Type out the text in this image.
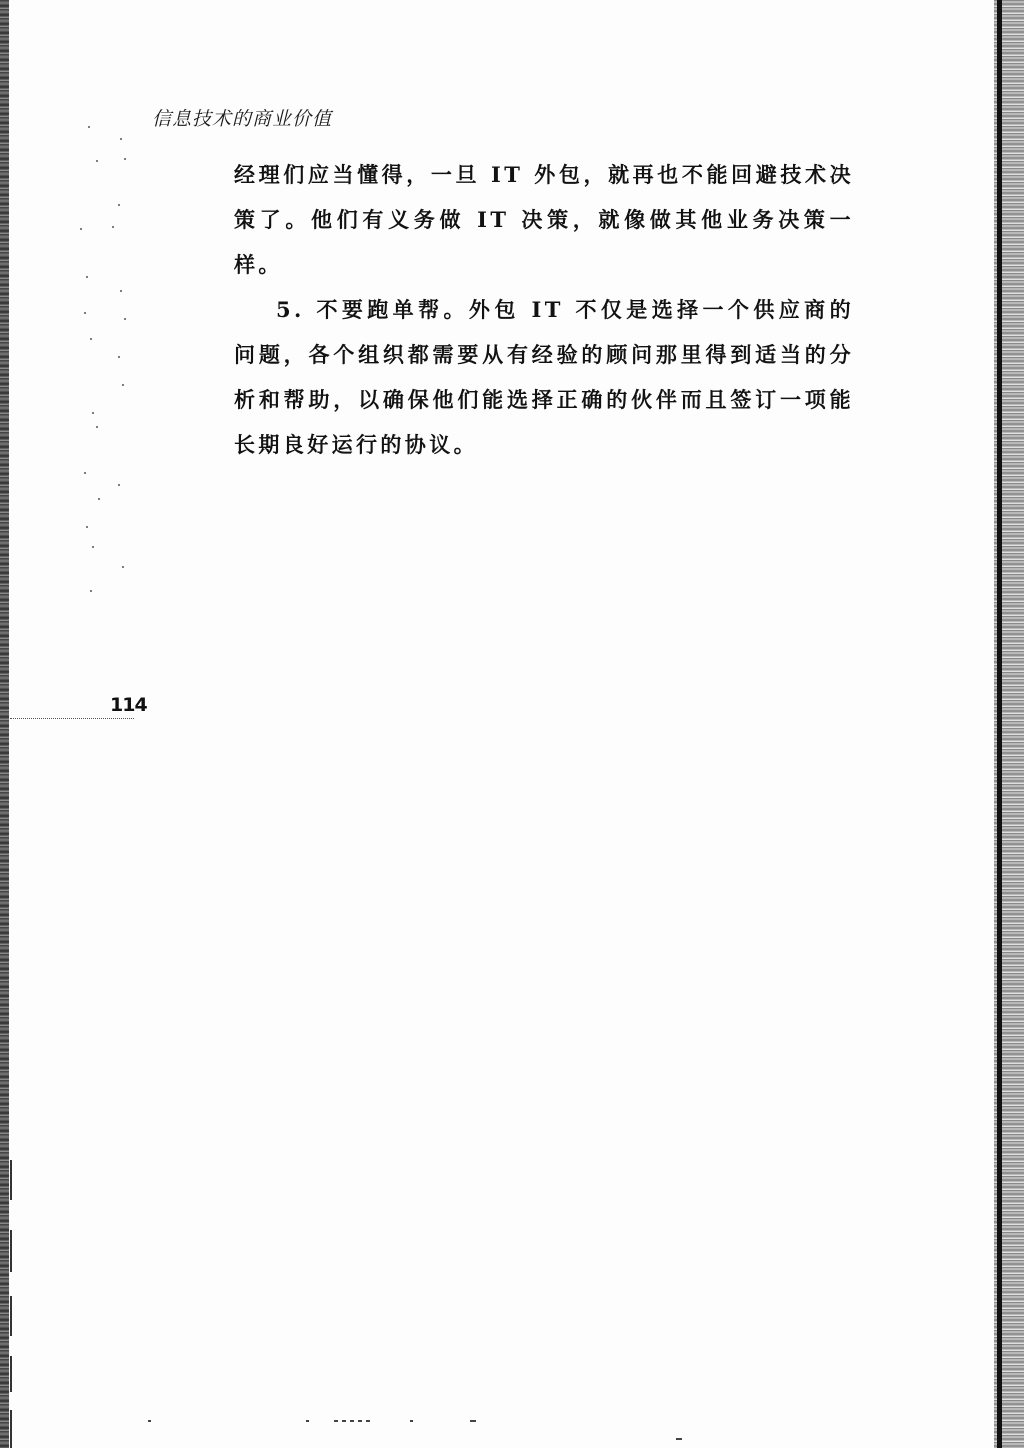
信息技术的商业价值

经理们应当懂得，一旦 IT 外包，就再也不能回避技术决策了。他们有义务做 IT 决策，就像做其他业务决策一样。

5. 不要跑单帮。外包 IT 不仅是选择一个供应商的问题，各个组织都需要从有经验的顾问那里得到适当的分析和帮助，以确保他们能选择正确的伙伴而且签订一项能长期良好运行的协议。

114
